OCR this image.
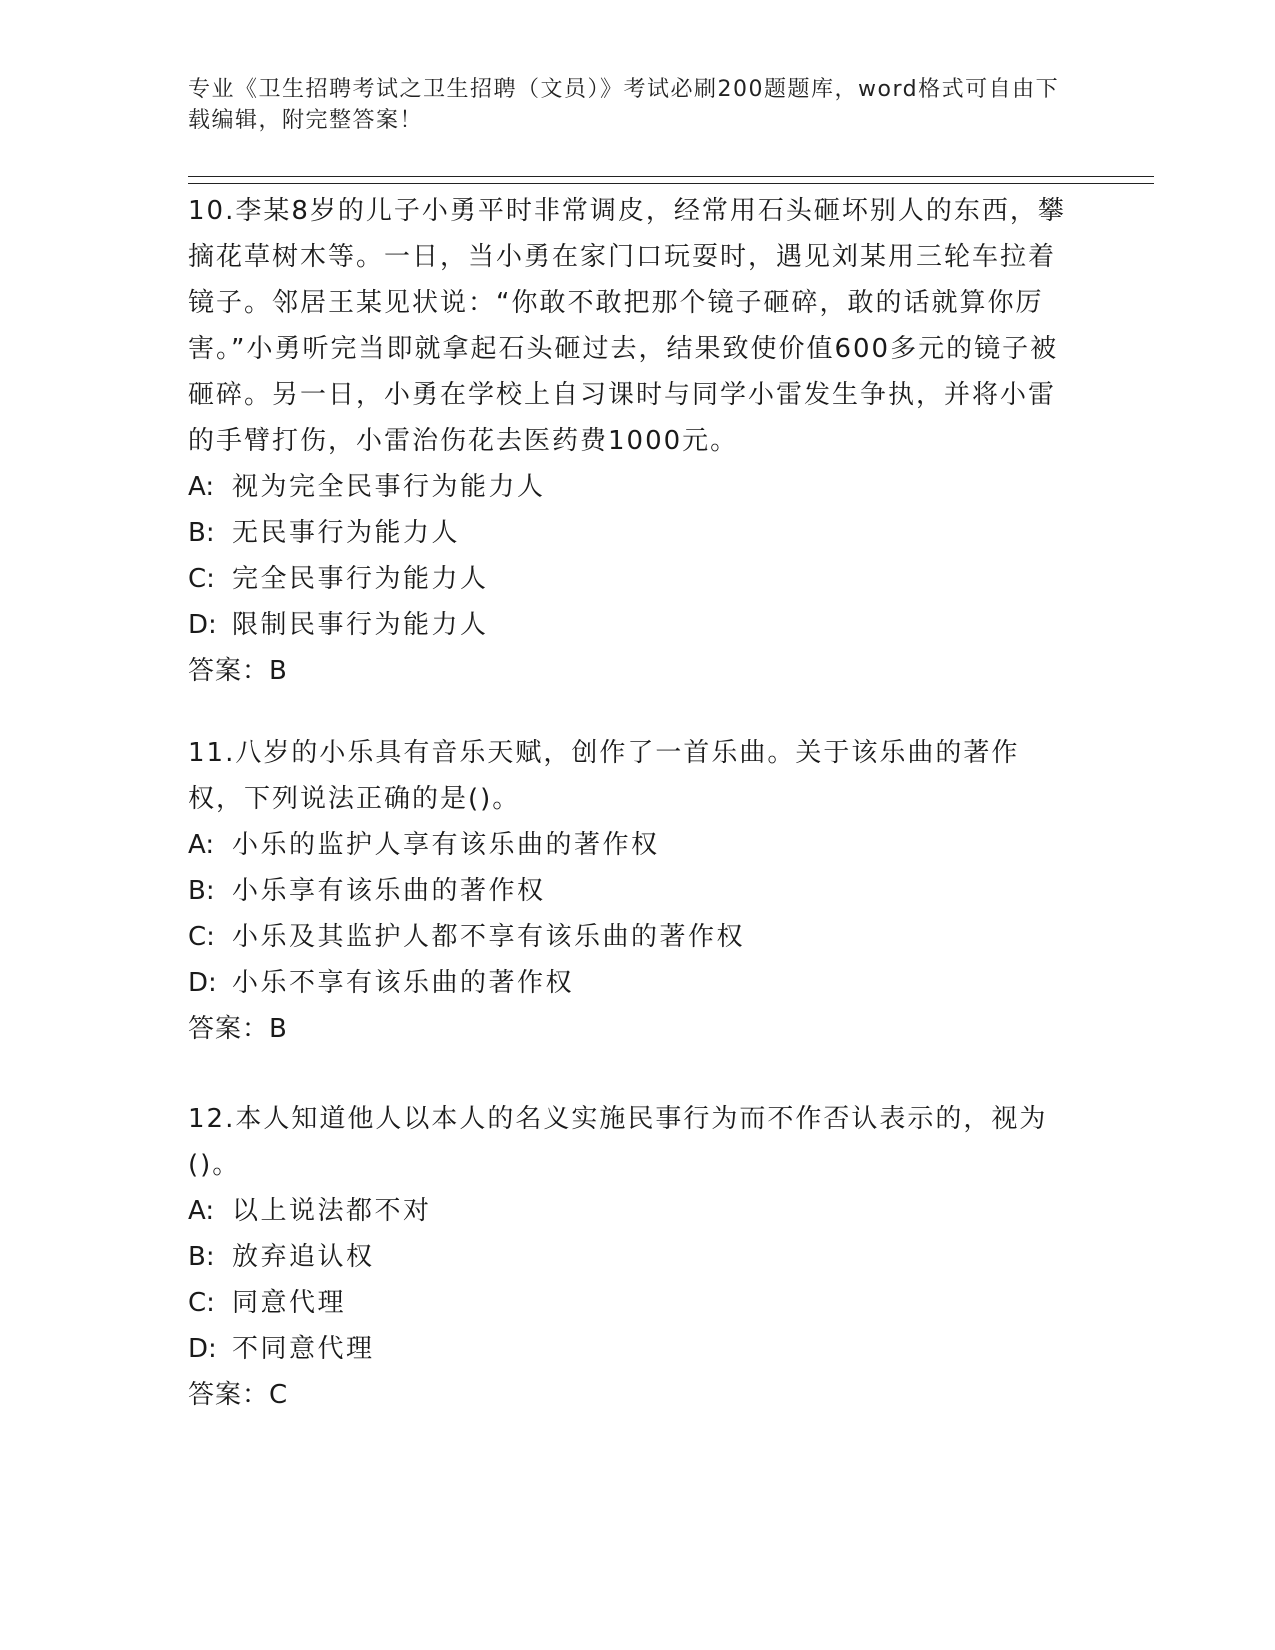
专业《卫生招聘考试之卫生招聘（文员）》考试必刷200题题库，word格式可自由下载编辑，附完整答案！
10.李某8岁的儿子小勇平时非常调皮，经常用石头砸坏别人的东西，攀摘花草树木等。一日，当小勇在家门口玩耍时，遇见刘某用三轮车拉着镜子。邻居王某见状说：“你敢不敢把那个镜子砸碎，敢的话就算你厉害。”小勇听完当即就拿起石头砸过去，结果致使价值600多元的镜子被砸碎。另一日，小勇在学校上自习课时与同学小雷发生争执，并将小雷的手臂打伤，小雷治伤花去医药费1000元。
A: 视为完全民事行为能力人
B: 无民事行为能力人
C: 完全民事行为能力人
D: 限制民事行为能力人
答案：B
11.八岁的小乐具有音乐天赋，创作了一首乐曲。关于该乐曲的著作权，下列说法正确的是()。
A: 小乐的监护人享有该乐曲的著作权
B: 小乐享有该乐曲的著作权
C: 小乐及其监护人都不享有该乐曲的著作权
D: 小乐不享有该乐曲的著作权
答案：B
12.本人知道他人以本人的名义实施民事行为而不作否认表示的，视为()。
A: 以上说法都不对
B: 放弃追认权
C: 同意代理
D: 不同意代理
答案：C
